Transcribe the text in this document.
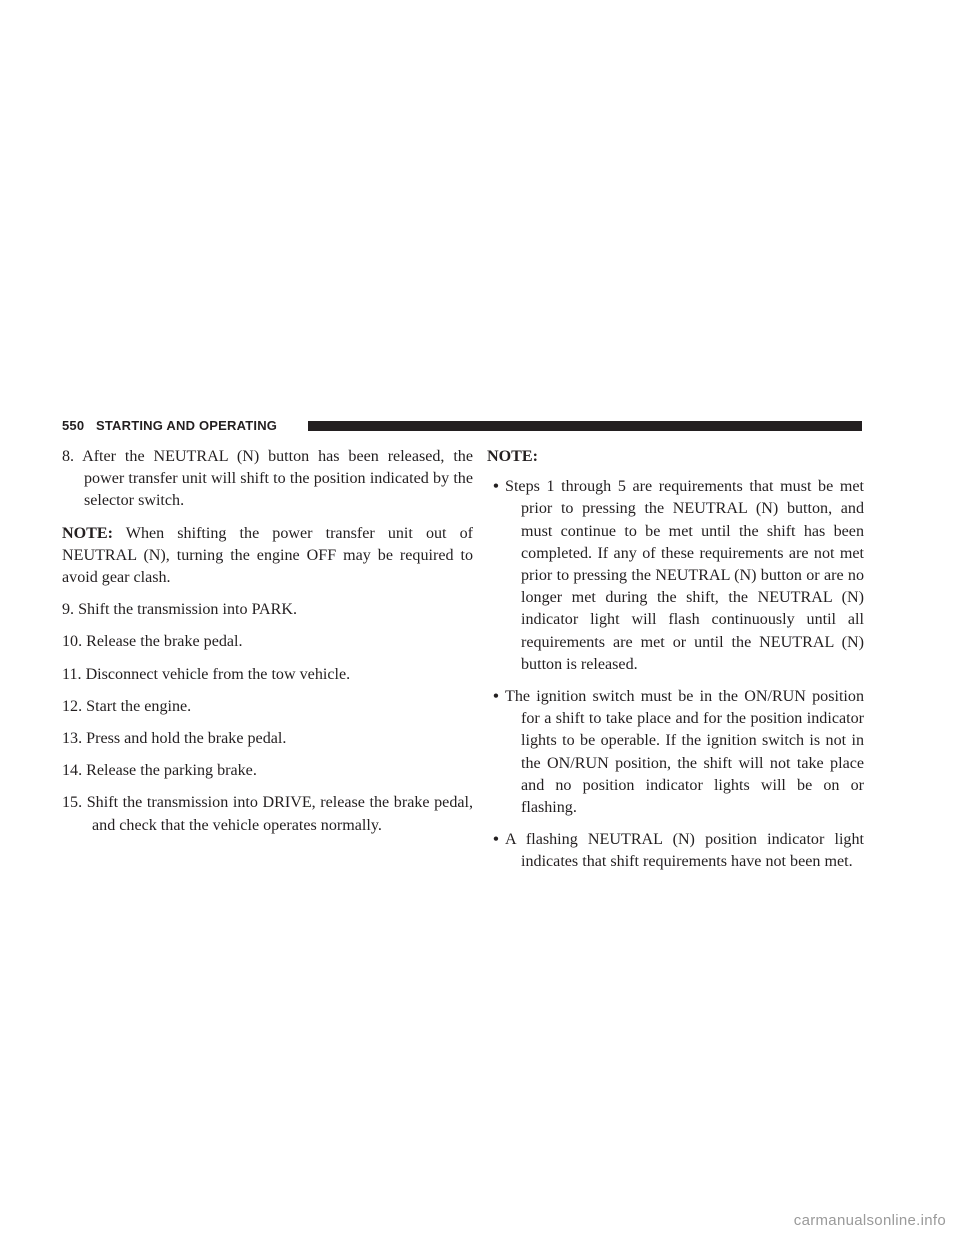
550 STARTING AND OPERATING
8. After the NEUTRAL (N) button has been released, the power transfer unit will shift to the position indicated by the selector switch.

NOTE: When shifting the power transfer unit out of NEUTRAL (N), turning the engine OFF may be required to avoid gear clash.

9. Shift the transmission into PARK.
10. Release the brake pedal.
11. Disconnect vehicle from the tow vehicle.
12. Start the engine.
13. Press and hold the brake pedal.
14. Release the parking brake.
15. Shift the transmission into DRIVE, release the brake pedal, and check that the vehicle operates normally.
NOTE:
• Steps 1 through 5 are requirements that must be met prior to pressing the NEUTRAL (N) button, and must continue to be met until the shift has been completed. If any of these requirements are not met prior to pressing the NEUTRAL (N) button or are no longer met during the shift, the NEUTRAL (N) indicator light will flash continuously until all requirements are met or until the NEUTRAL (N) button is released.
• The ignition switch must be in the ON/RUN position for a shift to take place and for the position indicator lights to be operable. If the ignition switch is not in the ON/RUN position, the shift will not take place and no position indicator lights will be on or flashing.
• A flashing NEUTRAL (N) position indicator light indicates that shift requirements have not been met.
carmanualsonline.info
